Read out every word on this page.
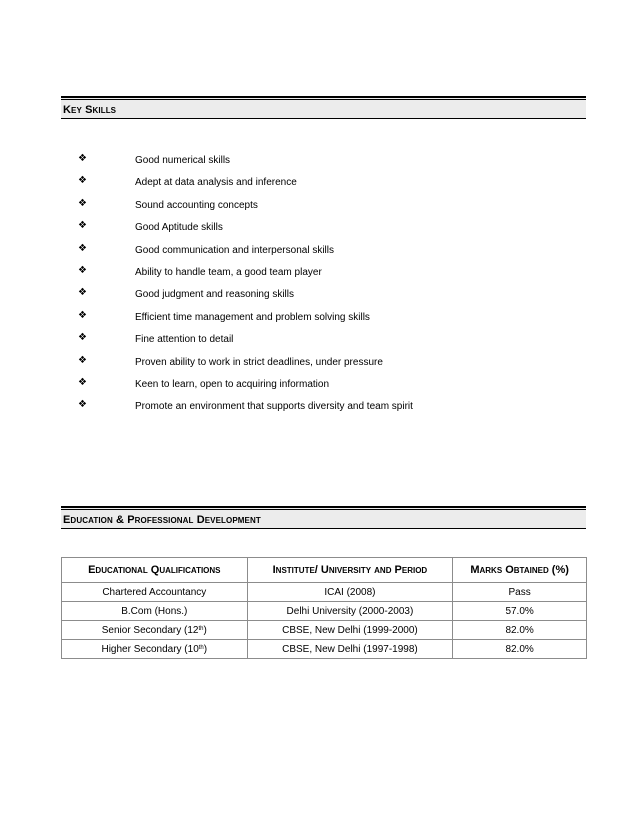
Key Skills
❖	Good numerical skills
❖	Adept at data analysis and inference
❖	Sound accounting concepts
❖	Good Aptitude skills
❖	Good communication and interpersonal skills
❖	Ability to handle team, a good team player
❖	Good judgment and reasoning skills
❖	Efficient time management and problem solving skills
❖	Fine attention to detail
❖	Proven ability to work in strict deadlines, under pressure
❖	Keen to learn, open to acquiring information
❖	Promote an environment that supports diversity and team spirit
Education & Professional Development
Educational Qualifications	Institute/ University and Period	Marks Obtained (%)
Chartered Accountancy	ICAI (2008)	Pass
B.Com (Hons.)	Delhi University (2000-2003)	57.0%
Senior Secondary (12th)	CBSE, New Delhi (1999-2000)	82.0%
Higher Secondary (10th)	CBSE, New Delhi (1997-1998)	82.0%
